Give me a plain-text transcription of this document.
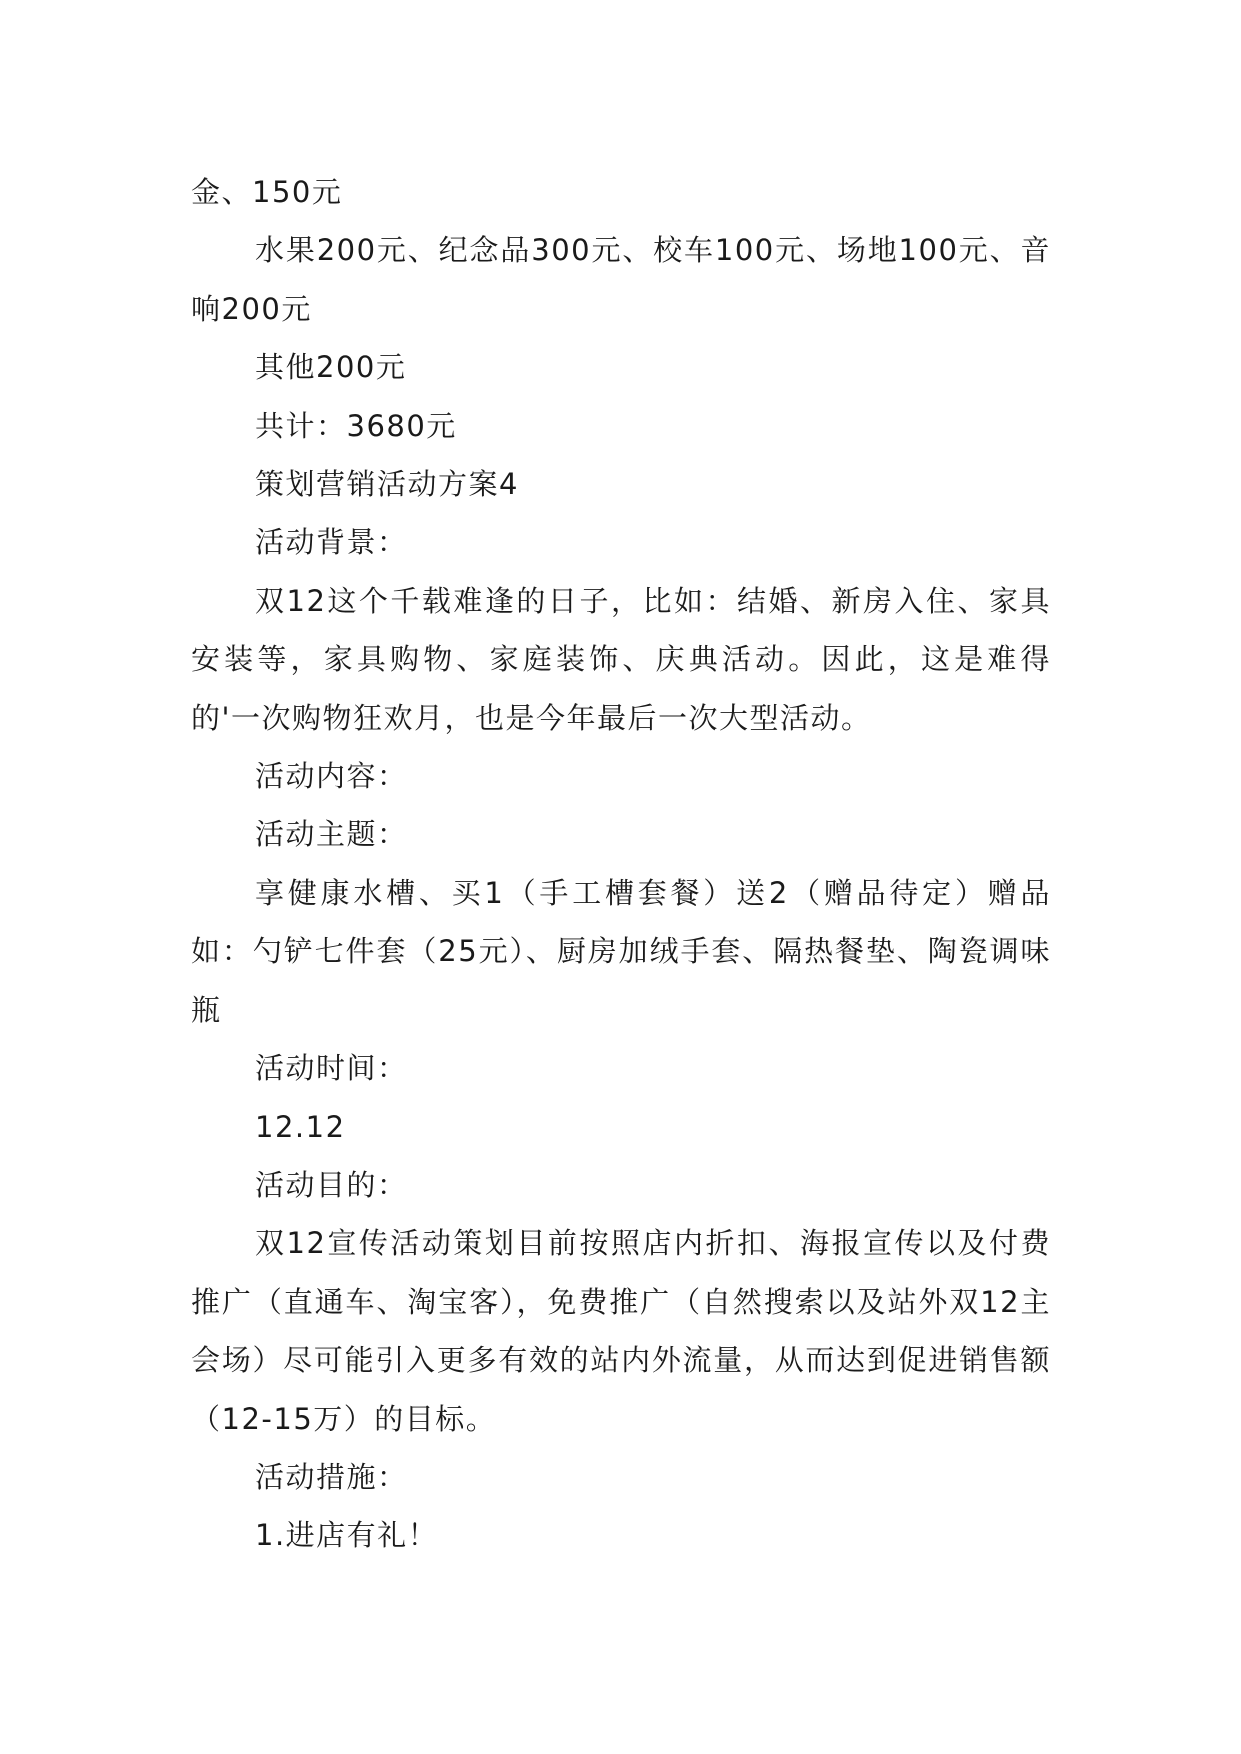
金、150元

水果200元、纪念品300元、校车100元、场地100元、音响200元

其他200元

共计：3680元

策划营销活动方案4

活动背景：

双12这个千载难逢的日子，比如：结婚、新房入住、家具安装等，家具购物、家庭装饰、庆典活动。因此，这是难得的'一次购物狂欢月，也是今年最后一次大型活动。

活动内容：

活动主题：

享健康水槽、买1（手工槽套餐）送2（赠品待定）赠品如：勺铲七件套（25元）、厨房加绒手套、隔热餐垫、陶瓷调味瓶

活动时间：

12.12

活动目的：

双12宣传活动策划目前按照店内折扣、海报宣传以及付费推广（直通车、淘宝客），免费推广（自然搜索以及站外双12主会场）尽可能引入更多有效的站内外流量，从而达到促进销售额（12-15万）的目标。

活动措施：

1.进店有礼！
